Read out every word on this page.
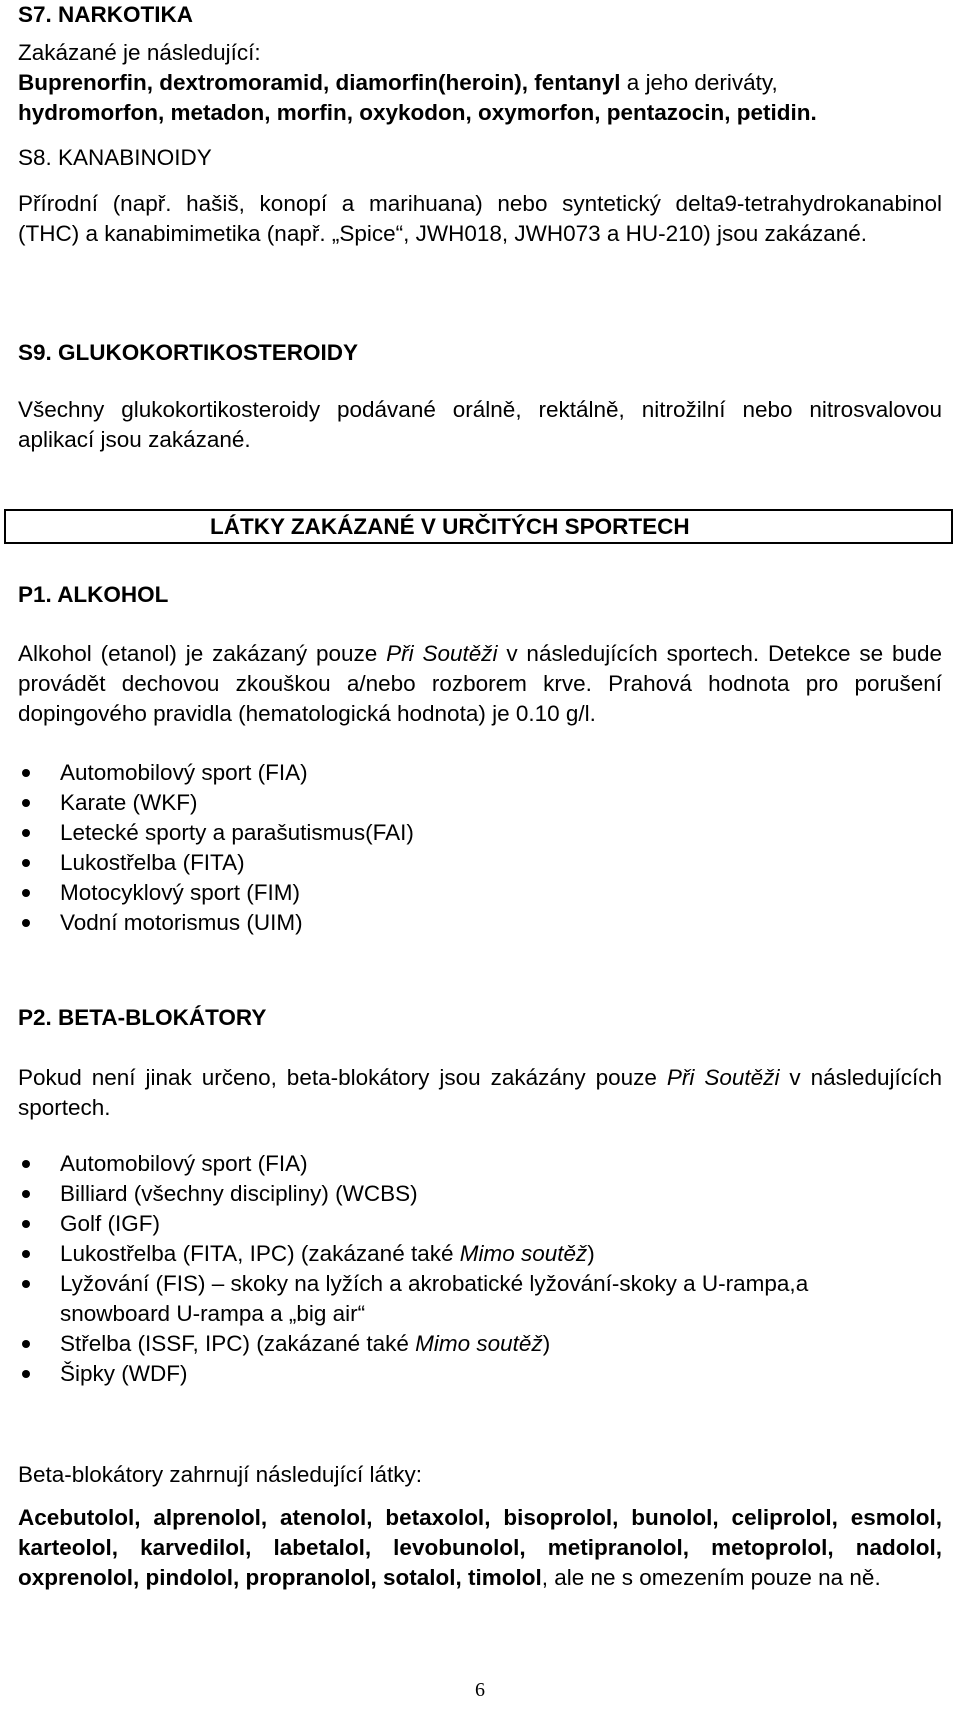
S7. NARKOTIKA
Zakázané je následující:
Buprenorfin, dextromoramid, diamorfin(heroin), fentanyl a jeho deriváty,
hydromorfon, metadon, morfin, oxykodon, oxymorfon, pentazocin, petidin.
S8. KANABINOIDY
Přírodní (např. hašiš, konopí a marihuana) nebo syntetický delta9-tetrahydrokanabinol (THC) a kanabimimetika (např. „Spice“, JWH018, JWH073 a HU-210) jsou zakázané.
S9. GLUKOKORTIKOSTEROIDY
Všechny glukokortikosteroidy podávané orálně, rektálně, nitrožilní nebo nitrosvalovou aplikací jsou zakázané.
LÁTKY ZAKÁZANÉ V URČITÝCH SPORTECH
P1. ALKOHOL
Alkohol (etanol) je zakázaný pouze Při Soutěži v následujících sportech. Detekce se bude provádět dechovou zkouškou a/nebo rozborem krve. Prahová hodnota pro porušení dopingového pravidla (hematologická hodnota) je 0.10 g/l.
Automobilový sport (FIA)
Karate (WKF)
Letecké sporty a parašutismus(FAI)
Lukostřelba (FITA)
Motocyklový sport (FIM)
Vodní motorismus (UIM)
P2. BETA-BLOKÁTORY
Pokud není jinak určeno, beta-blokátory jsou zakázány pouze Při Soutěži v následujících sportech.
Automobilový sport (FIA)
Billiard (všechny discipliny) (WCBS)
Golf (IGF)
Lukostřelba (FITA, IPC) (zakázané také Mimo soutěž)
Lyžování (FIS) – skoky na lyžích a akrobatické lyžování-skoky a U-rampa,a snowboard U-rampa a „big air“
Střelba (ISSF, IPC) (zakázané také Mimo soutěž)
Šipky (WDF)
Beta-blokátory zahrnují následující látky:
Acebutolol, alprenolol, atenolol, betaxolol, bisoprolol, bunolol, celiprolol, esmolol, karteolol, karvedilol, labetalol, levobunolol, metipranolol, metoprolol, nadolol, oxprenolol, pindolol, propranolol, sotalol, timolol, ale ne s omezením pouze na ně.
6
